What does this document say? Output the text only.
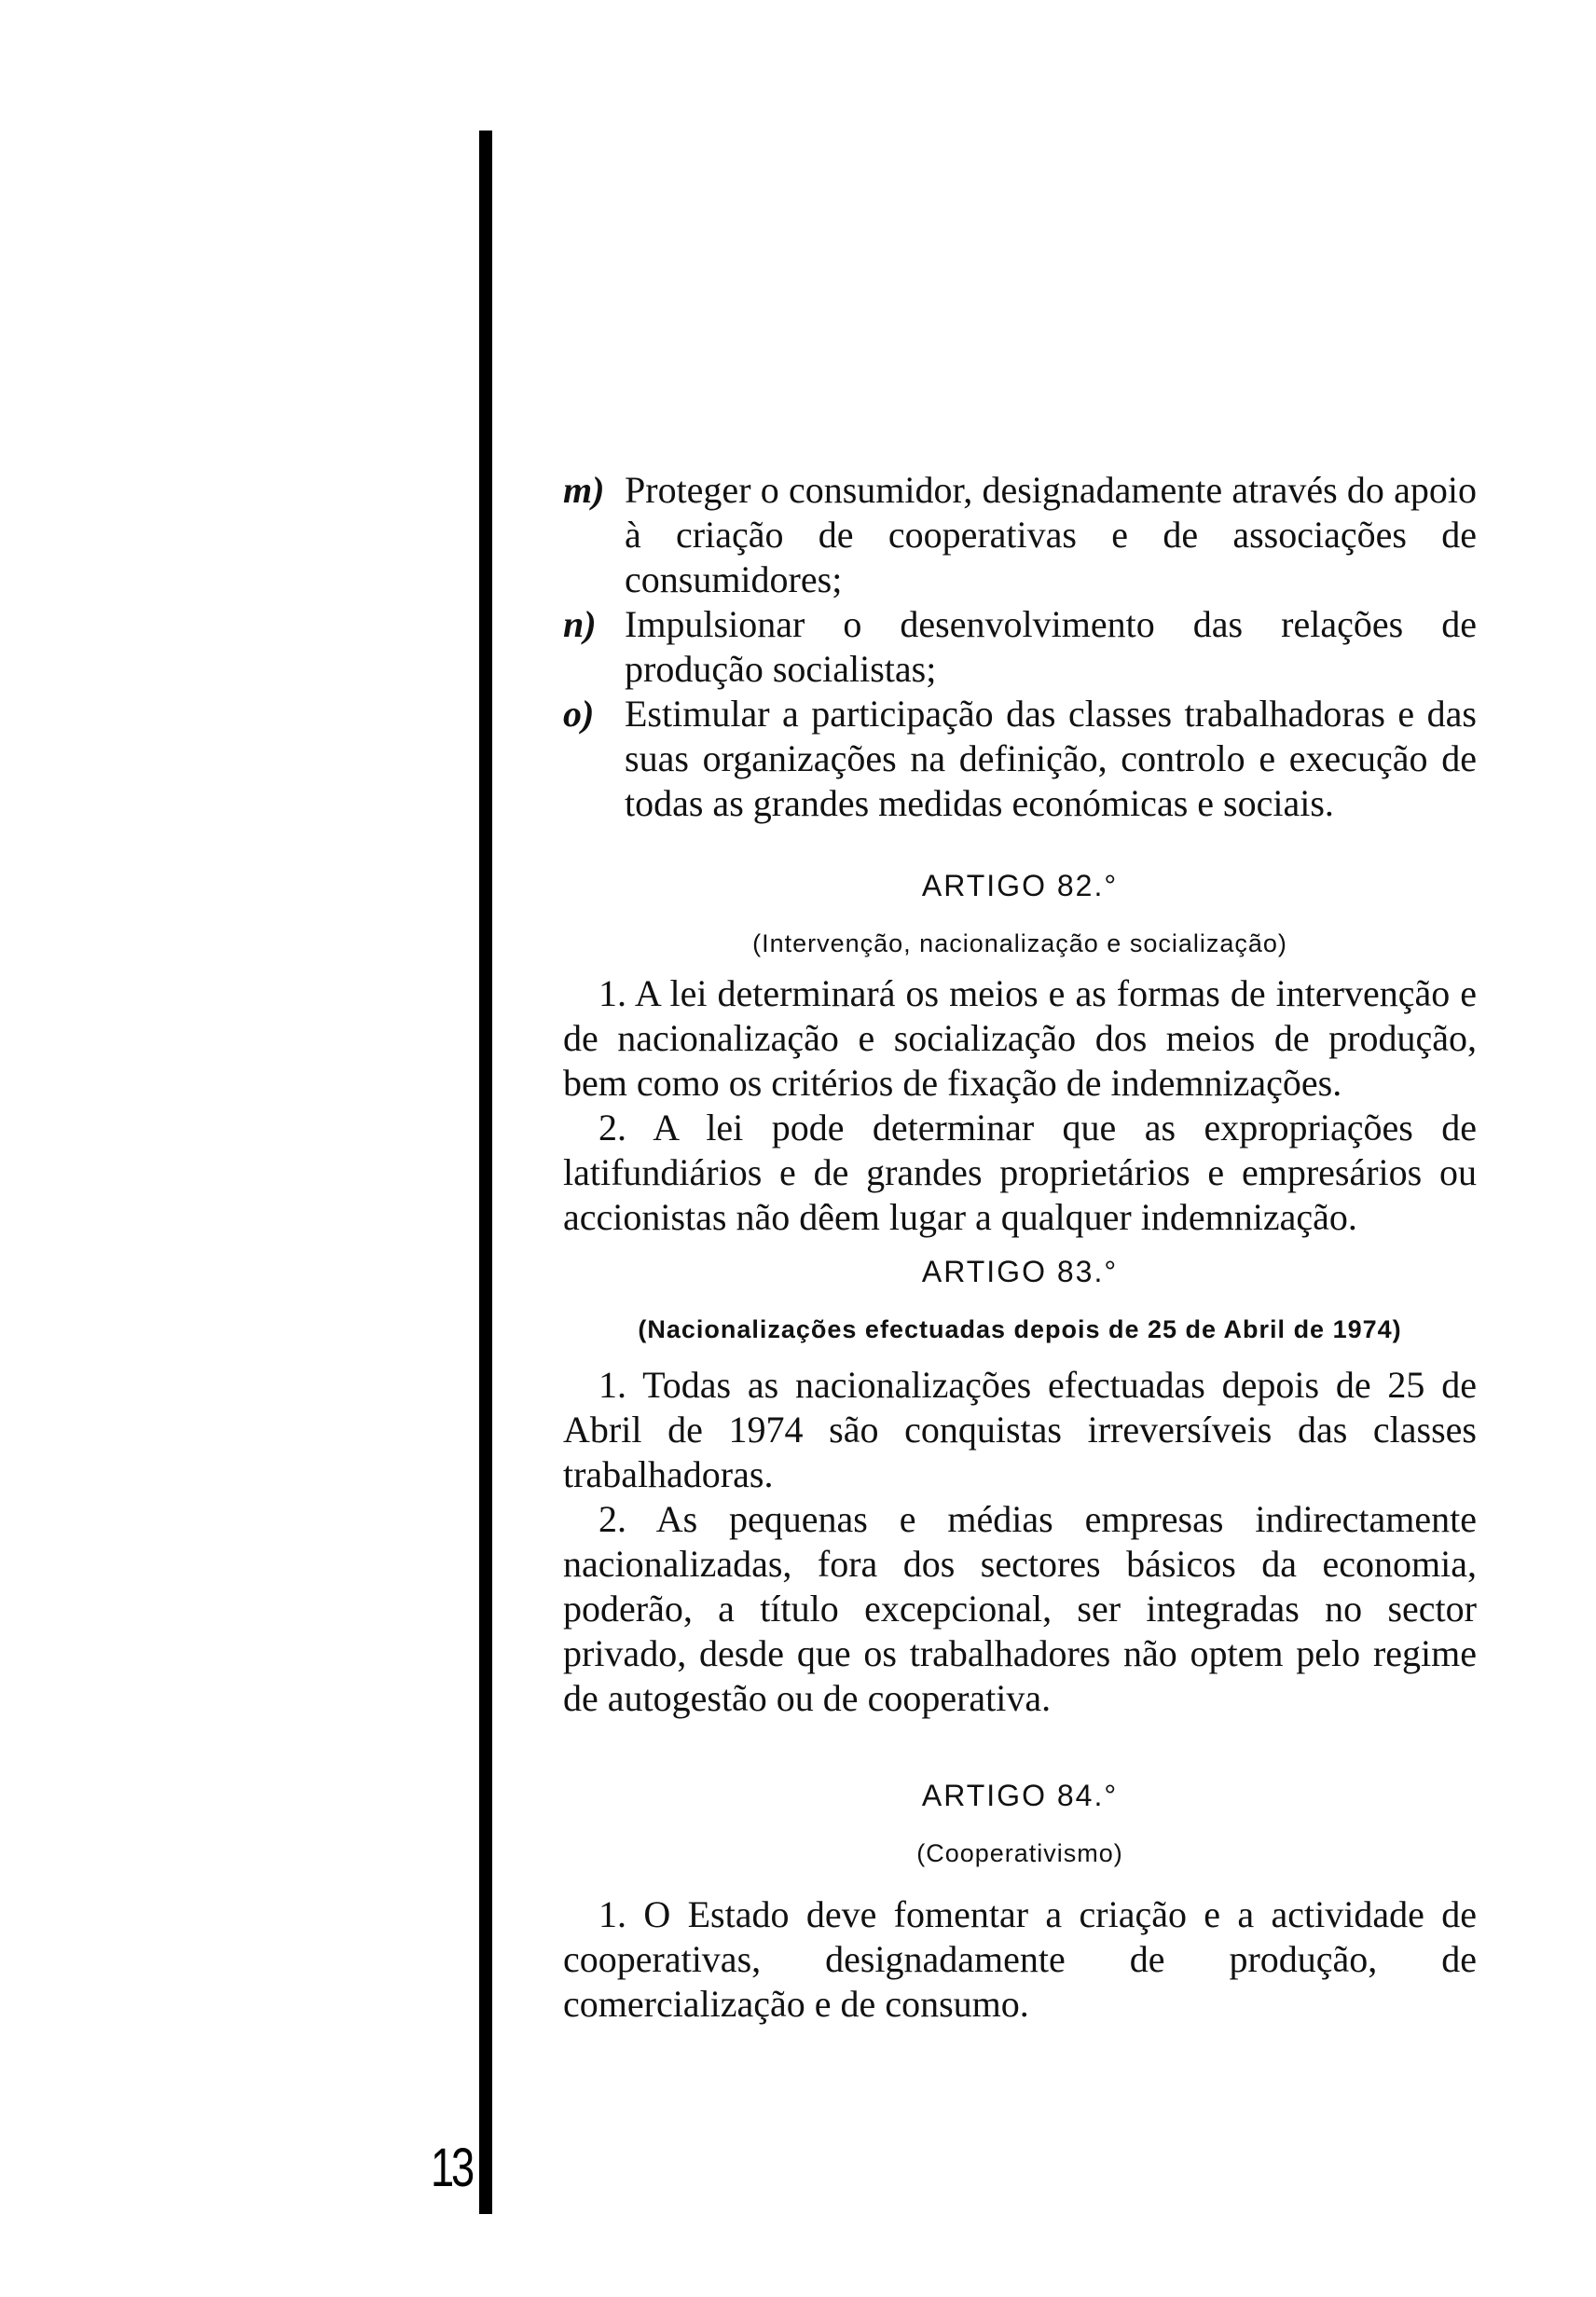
13
m) Proteger o consumidor, designadamente através do apoio à criação de cooperativas e de associações de consumidores;
n) Impulsionar o desenvolvimento das relações de produção socialistas;
o) Estimular a participação das classes trabalhadoras e das suas organizações na definição, controlo e execução de todas as grandes medidas económicas e sociais.
ARTIGO 82.°
(Intervenção, nacionalização e socialização)
1. A lei determinará os meios e as formas de intervenção e de nacionalização e socialização dos meios de produção, bem como os critérios de fixação de indemnizações.
2. A lei pode determinar que as expropriações de latifundiários e de grandes proprietários e empresários ou accionistas não dêem lugar a qualquer indemnização.
ARTIGO 83.°
(Nacionalizações efectuadas depois de 25 de Abril de 1974)
1. Todas as nacionalizações efectuadas depois de 25 de Abril de 1974 são conquistas irreversíveis das classes trabalhadoras.
2. As pequenas e médias empresas indirectamente nacionalizadas, fora dos sectores básicos da economia, poderão, a título excepcional, ser integradas no sector privado, desde que os trabalhadores não optem pelo regime de autogestão ou de cooperativa.
ARTIGO 84.°
(Cooperativismo)
1. O Estado deve fomentar a criação e a actividade de cooperativas, designadamente de produção, de comercialização e de consumo.
